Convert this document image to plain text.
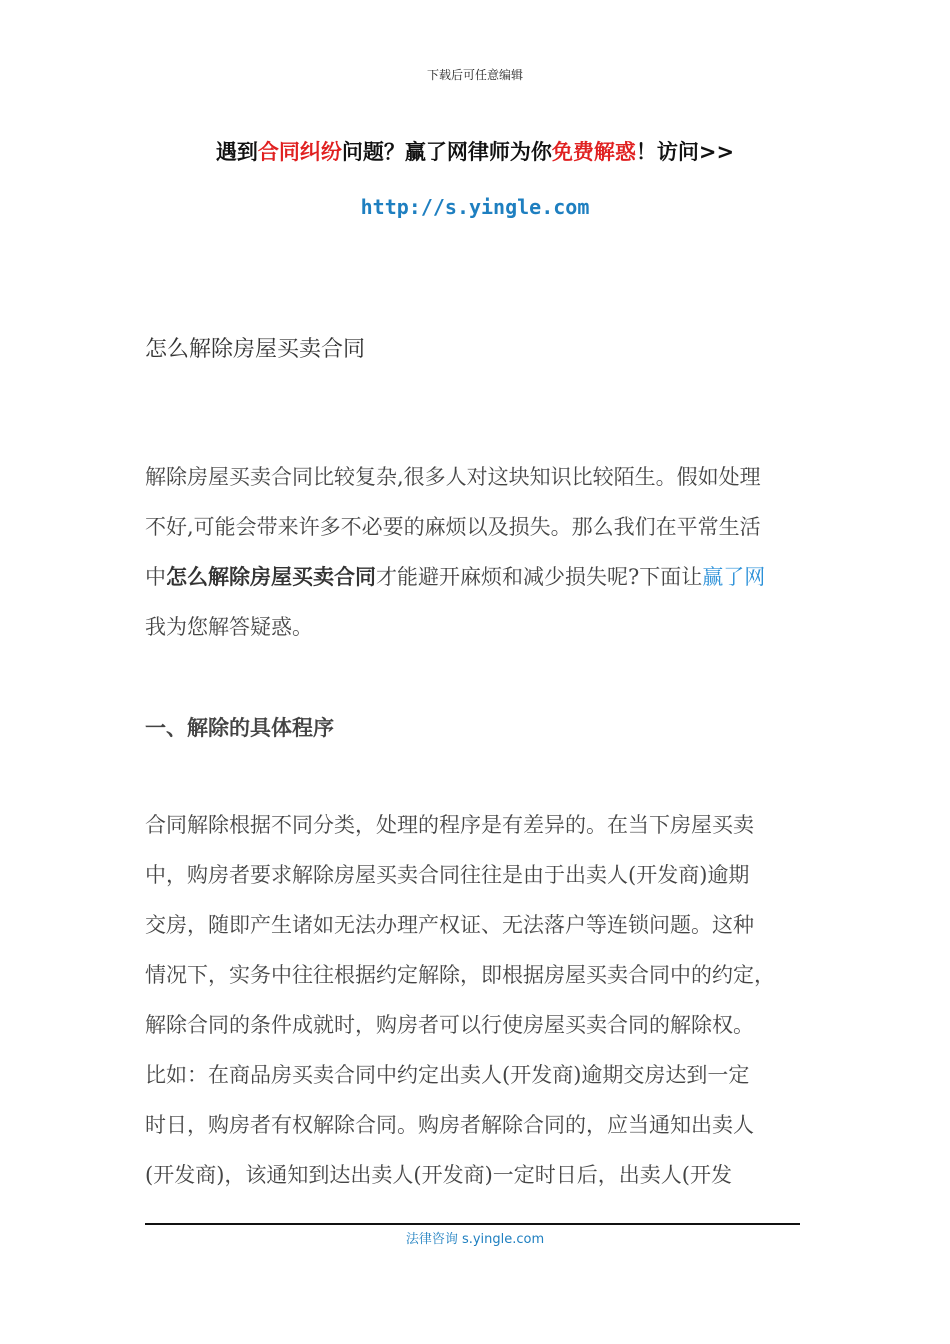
下载后可任意编辑
遇到合同纠纷问题？赢了网律师为你免费解惑！访问>>
http://s.yingle.com
怎么解除房屋买卖合同
解除房屋买卖合同比较复杂,很多人对这块知识比较陌生。假如处理
不好,可能会带来许多不必要的麻烦以及损失。那么我们在平常生活
中怎么解除房屋买卖合同才能避开麻烦和减少损失呢?下面让赢了网
我为您解答疑惑。
一、解除的具体程序
合同解除根据不同分类，处理的程序是有差异的。在当下房屋买卖
中，购房者要求解除房屋买卖合同往往是由于出卖人(开发商)逾期
交房，随即产生诸如无法办理产权证、无法落户等连锁问题。这种
情况下，实务中往往根据约定解除，即根据房屋买卖合同中的约定，
解除合同的条件成就时，购房者可以行使房屋买卖合同的解除权。
比如：在商品房买卖合同中约定出卖人(开发商)逾期交房达到一定
时日，购房者有权解除合同。购房者解除合同的，应当通知出卖人
(开发商)，该通知到达出卖人(开发商)一定时日后，出卖人(开发
法律咨询 s.yingle.com
